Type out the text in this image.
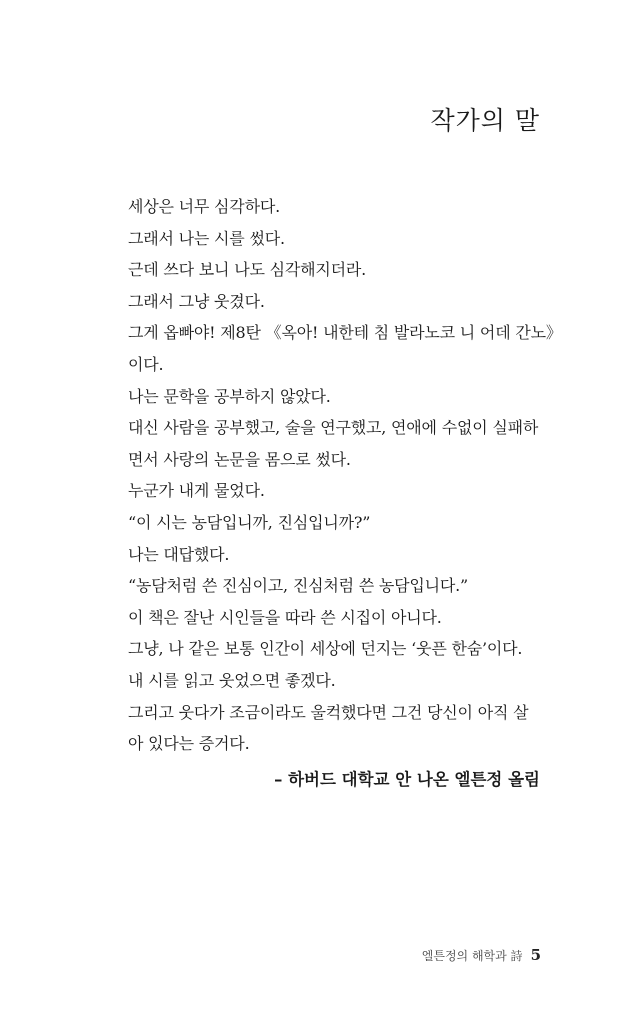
작가의 말
세상은 너무 심각하다.
그래서 나는 시를 썼다.
근데 쓰다 보니 나도 심각해지더라.
그래서 그냥 웃겼다.
그게 옵빠야! 제8탄 《옥아! 내한테 침 발라노코 니 어데 간노》
이다.
나는 문학을 공부하지 않았다.
대신 사람을 공부했고, 술을 연구했고, 연애에 수없이 실패하
면서 사랑의 논문을 몸으로 썼다.
누군가 내게 물었다.
“이 시는 농담입니까, 진심입니까?”
나는 대답했다.
“농담처럼 쓴 진심이고, 진심처럼 쓴 농담입니다.”
이 책은 잘난 시인들을 따라 쓴 시집이 아니다.
그냥, 나 같은 보통 인간이 세상에 던지는 ‘웃픈 한숨’이다.
내 시를 읽고 웃었으면 좋겠다.
그리고 웃다가 조금이라도 울컥했다면 그건 당신이 아직 살
아 있다는 증거다.
– 하버드 대학교 안 나온 엘튼정 올림
엘튼정의 해학과 詩 5
